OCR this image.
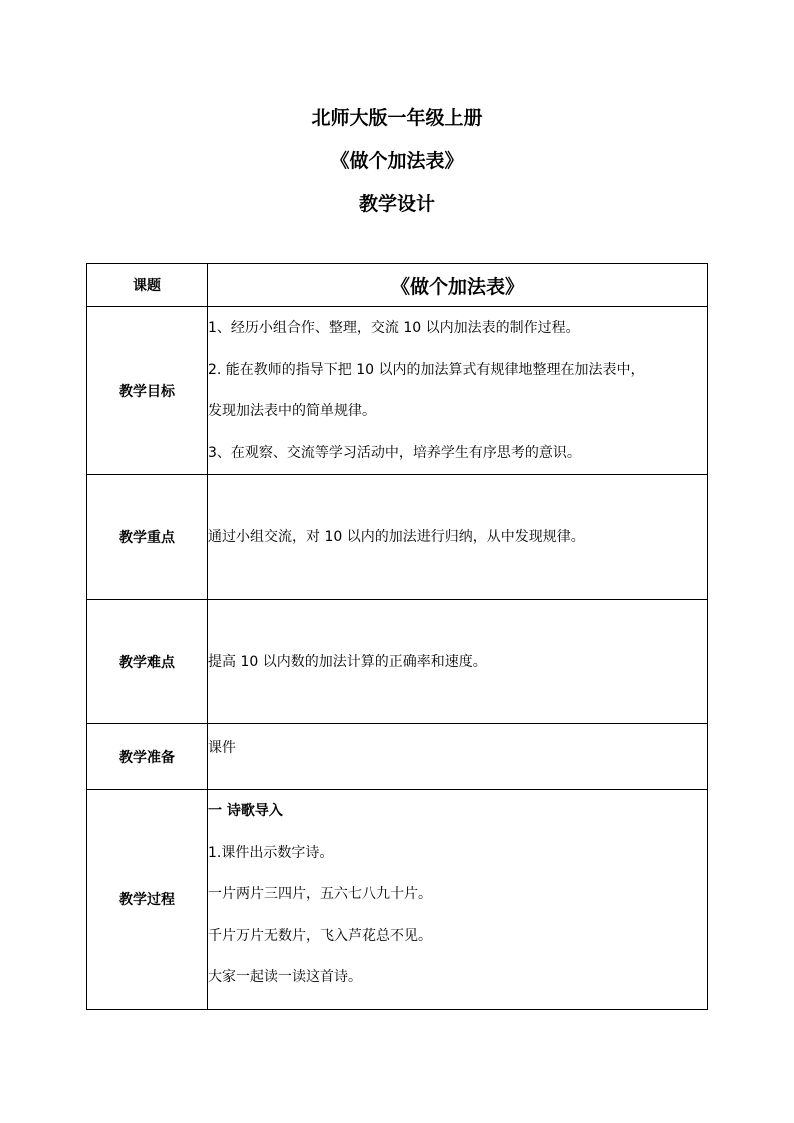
北师大版一年级上册
《做个加法表》
教学设计
课题	《做个加法表》
教学目标	1、经历小组合作、整理，交流 10 以内加法表的制作过程。

2. 能在教师的指导下把 10 以内的加法算式有规律地整理在加法表中，

发现加法表中的简单规律。

3、在观察、交流等学习活动中，培养学生有序思考的意识。

教学重点	通过小组交流，对 10 以内的加法进行归纳，从中发现规律。

教学难点	提高 10 以内数的加法计算的正确率和速度。

教学准备	课件

教学过程	一 诗歌导入

1.课件出示数字诗。

一片两片三四片，五六七八九十片。

千片万片无数片，飞入芦花总不见。

大家一起读一读这首诗。
